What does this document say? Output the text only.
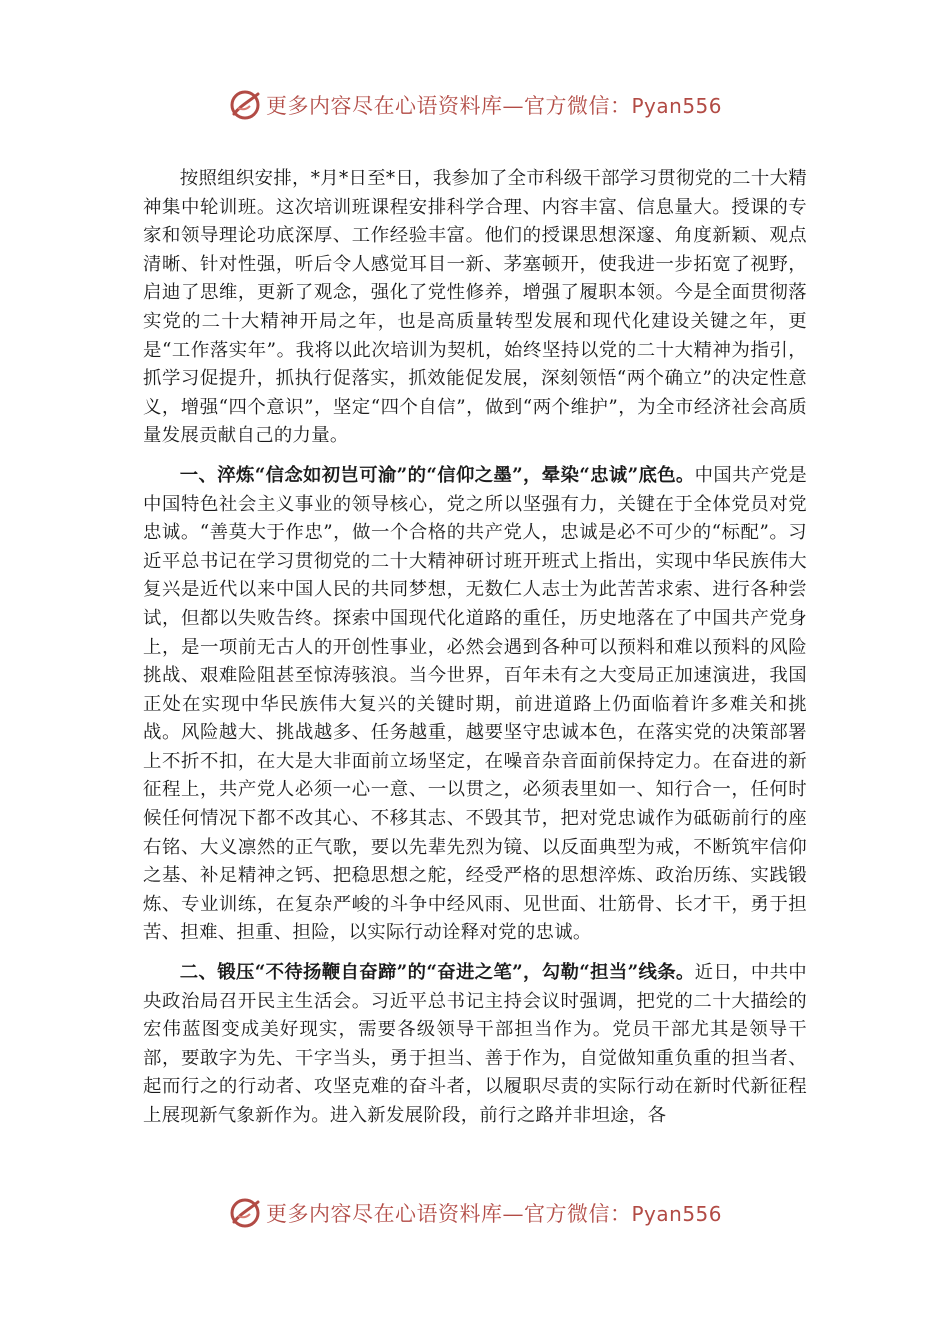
更多内容尽在心语资料库—官方微信：Pyan556

按照组织安排，*月*日至*日，我参加了全市科级干部学习贯彻党的二十大精神集中轮训班。这次培训班课程安排科学合理、内容丰富、信息量大。授课的专家和领导理论功底深厚、工作经验丰富。他们的授课思想深邃、角度新颖、观点清晰、针对性强，听后令人感觉耳目一新、茅塞顿开，使我进一步拓宽了视野，启迪了思维，更新了观念，强化了党性修养，增强了履职本领。今是全面贯彻落实党的二十大精神开局之年，也是高质量转型发展和现代化建设关键之年，更是“工作落实年”。我将以此次培训为契机，始终坚持以党的二十大精神为指引，抓学习促提升，抓执行促落实，抓效能促发展，深刻领悟“两个确立”的决定性意义，增强“四个意识”，坚定“四个自信”，做到“两个维护”，为全市经济社会高质量发展贡献自己的力量。

一、淬炼“信念如初岂可渝”的“信仰之墨”，晕染“忠诚”底色。中国共产党是中国特色社会主义事业的领导核心，党之所以坚强有力，关键在于全体党员对党忠诚。“善莫大于作忠”，做一个合格的共产党人，忠诚是必不可少的“标配”。习近平总书记在学习贯彻党的二十大精神研讨班开班式上指出，实现中华民族伟大复兴是近代以来中国人民的共同梦想，无数仁人志士为此苦苦求索、进行各种尝试，但都以失败告终。探索中国现代化道路的重任，历史地落在了中国共产党身上，是一项前无古人的开创性事业，必然会遇到各种可以预料和难以预料的风险挑战、艰难险阻甚至惊涛骇浪。当今世界，百年未有之大变局正加速演进，我国正处在实现中华民族伟大复兴的关键时期，前进道路上仍面临着许多难关和挑战。风险越大、挑战越多、任务越重，越要坚守忠诚本色，在落实党的决策部署上不折不扣，在大是大非面前立场坚定，在噪音杂音面前保持定力。在奋进的新征程上，共产党人必须一心一意、一以贯之，必须表里如一、知行合一，任何时候任何情况下都不改其心、不移其志、不毁其节，把对党忠诚作为砥砺前行的座右铭、大义凛然的正气歌，要以先辈先烈为镜、以反面典型为戒，不断筑牢信仰之基、补足精神之钙、把稳思想之舵，经受严格的思想淬炼、政治历练、实践锻炼、专业训练，在复杂严峻的斗争中经风雨、见世面、壮筋骨、长才干，勇于担苦、担难、担重、担险，以实际行动诠释对党的忠诚。

二、锻压“不待扬鞭自奋蹄”的“奋进之笔”，勾勒“担当”线条。近日，中共中央政治局召开民主生活会。习近平总书记主持会议时强调，把党的二十大描绘的宏伟蓝图变成美好现实，需要各级领导干部担当作为。党员干部尤其是领导干部，要敢字为先、干字当头，勇于担当、善于作为，自觉做知重负重的担当者、起而行之的行动者、攻坚克难的奋斗者，以履职尽责的实际行动在新时代新征程上展现新气象新作为。进入新发展阶段，前行之路并非坦途，各

更多内容尽在心语资料库—官方微信：Pyan556
